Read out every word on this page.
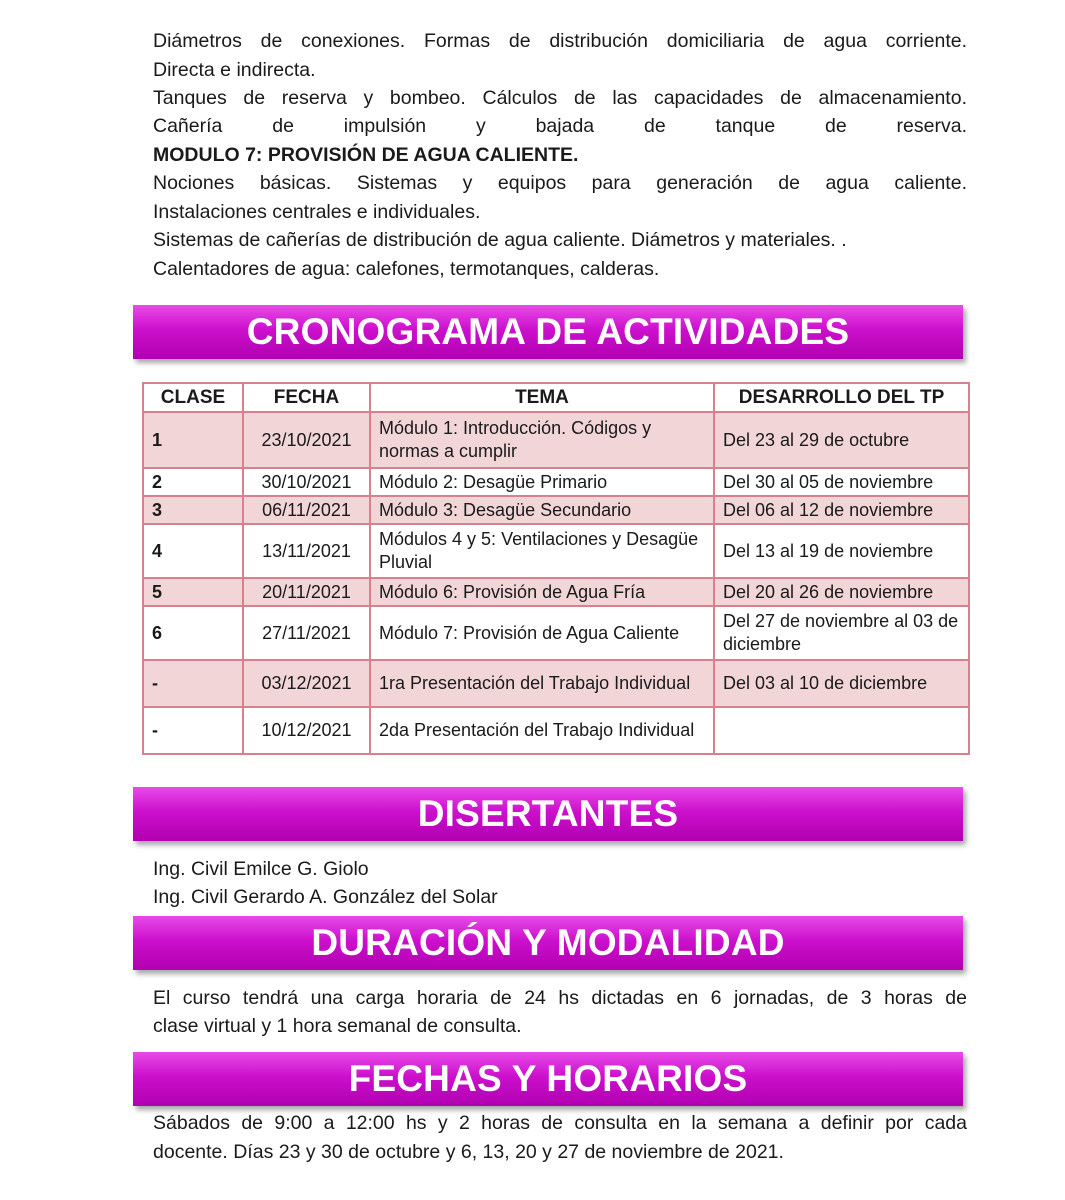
Diámetros de conexiones. Formas de distribución domiciliaria de agua corriente.
Directa e indirecta.
Tanques de reserva y bombeo. Cálculos de las capacidades de almacenamiento.
Cañería de impulsión y bajada de tanque de reserva.
MODULO 7: PROVISIÓN DE AGUA CALIENTE.
Nociones básicas. Sistemas y equipos para generación de agua caliente.
Instalaciones centrales e individuales.
Sistemas de cañerías de distribución de agua caliente. Diámetros y materiales. .
Calentadores de agua: calefones, termotanques, calderas.
CRONOGRAMA DE ACTIVIDADES
CLASE	FECHA	TEMA	DESARROLLO DEL TP
1	23/10/2021	Módulo 1: Introducción. Códigos y normas a cumplir	Del 23 al 29 de octubre
2	30/10/2021	Módulo 2: Desagüe Primario	Del 30 al 05 de noviembre
3	06/11/2021	Módulo 3: Desagüe Secundario	Del 06 al 12 de noviembre
4	13/11/2021	Módulos 4 y 5: Ventilaciones y Desagüe Pluvial	Del 13 al 19 de noviembre
5	20/11/2021	Módulo 6: Provisión de Agua Fría	Del 20 al 26 de noviembre
6	27/11/2021	Módulo 7: Provisión de Agua Caliente	Del 27 de noviembre al 03 de diciembre
-	03/12/2021	1ra Presentación del Trabajo Individual	Del 03 al 10 de diciembre
-	10/12/2021	2da Presentación del Trabajo Individual	
DISERTANTES
Ing. Civil Emilce G. Giolo
Ing. Civil Gerardo A. González del Solar
DURACIÓN Y MODALIDAD
El curso tendrá una carga horaria de 24 hs dictadas en 6 jornadas, de 3 horas de
clase virtual y 1 hora semanal de consulta.
FECHAS Y HORARIOS
Sábados de 9:00 a 12:00 hs y 2 horas de consulta en la semana a definir por cada
docente. Días 23 y 30 de octubre y 6, 13, 20 y 27 de noviembre de 2021.
